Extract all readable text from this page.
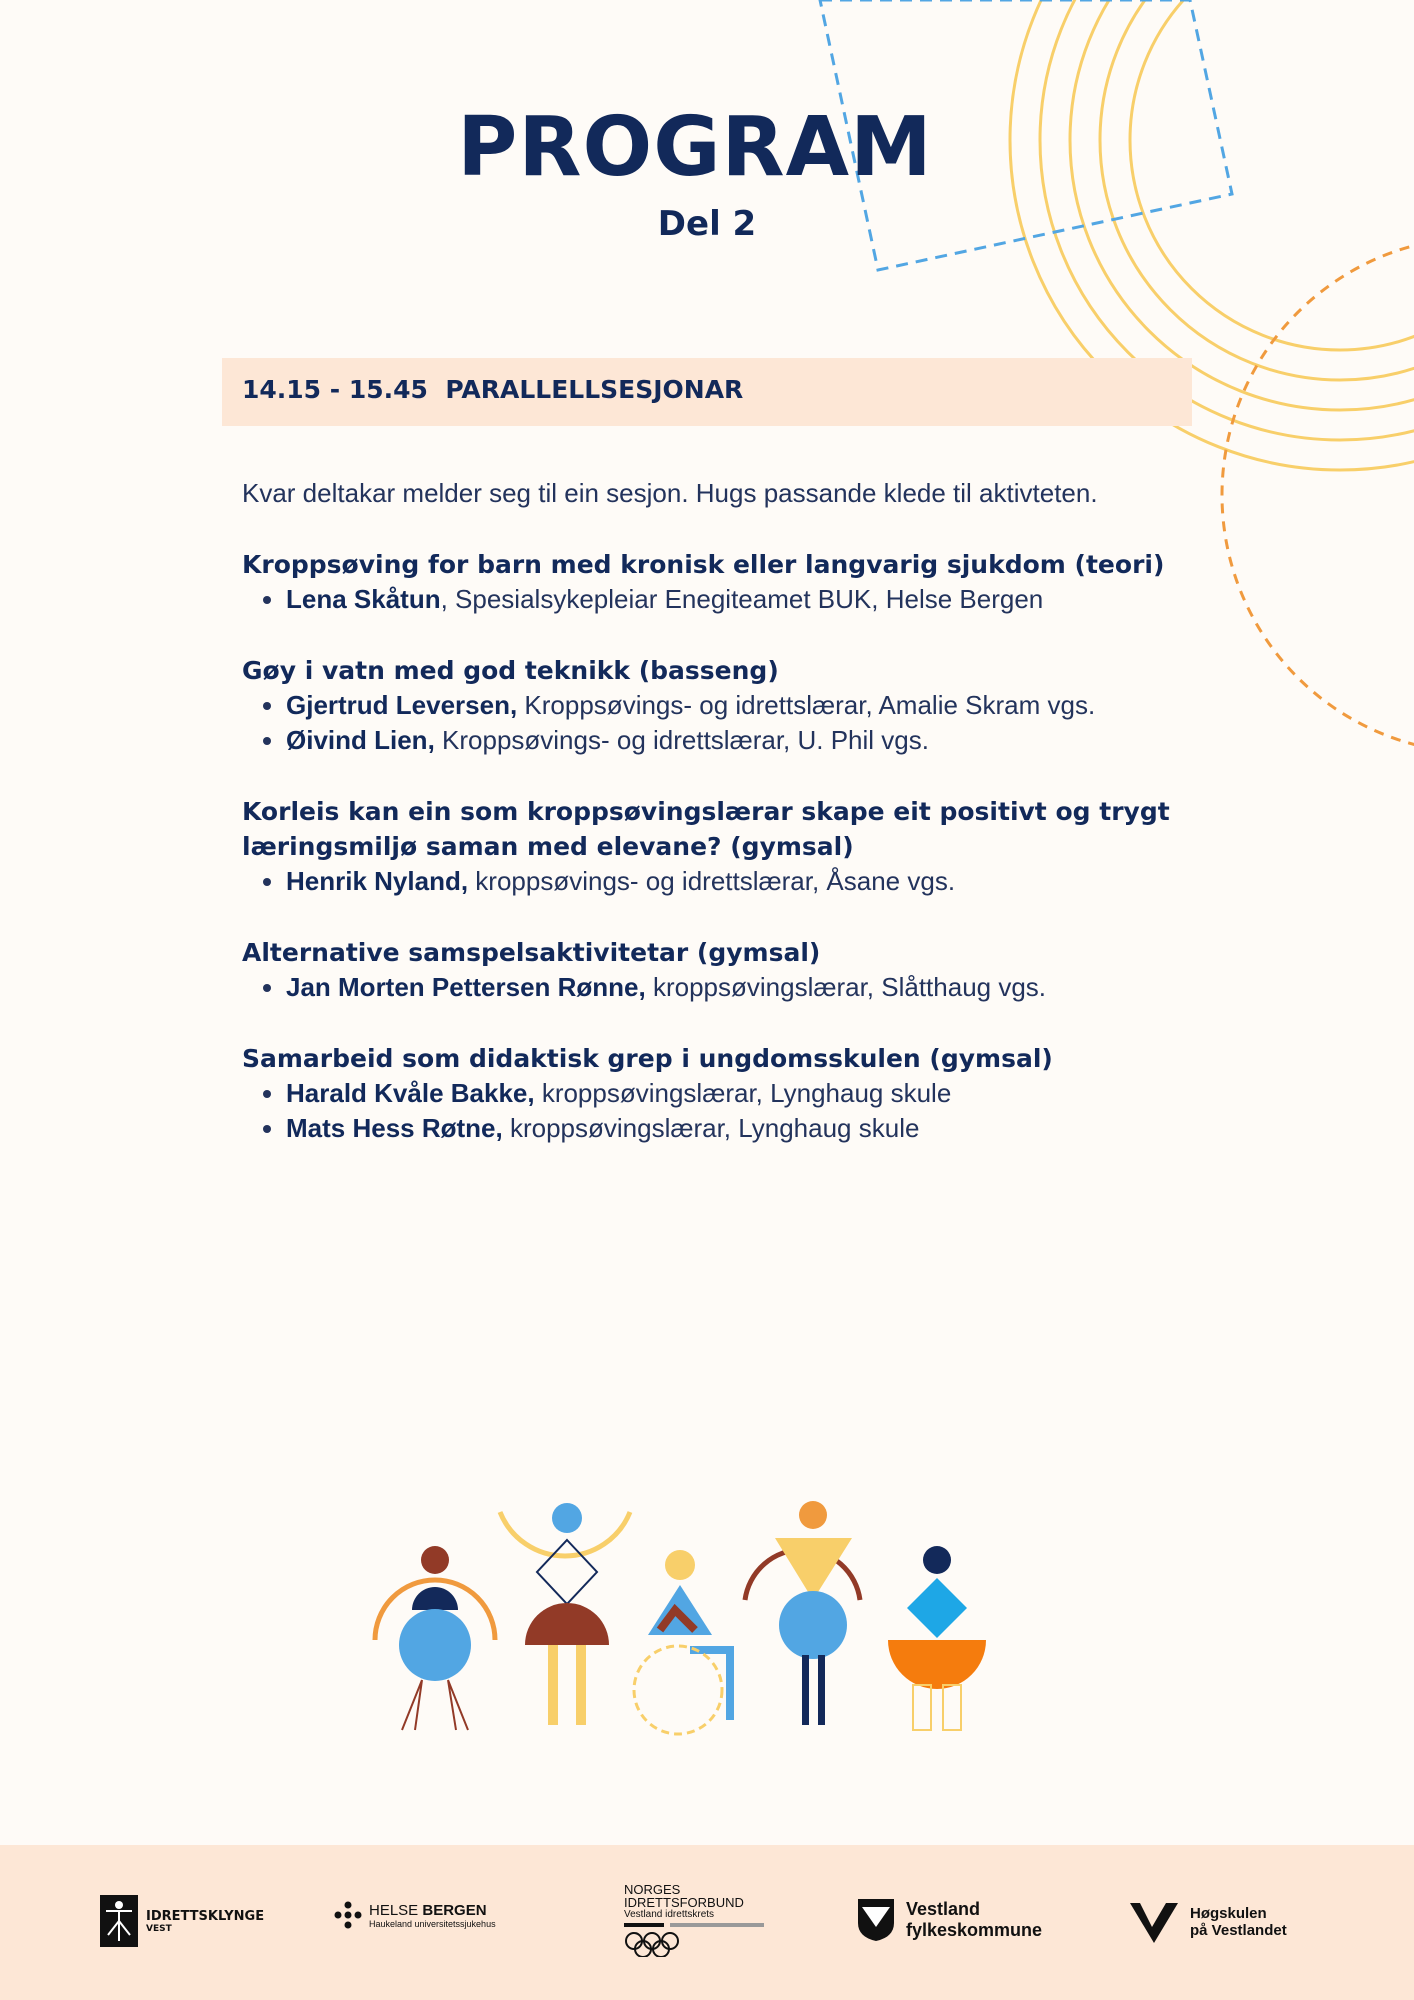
PROGRAM
Del 2
14.15 - 15.45 PARALLELLSESJONAR

Kvar deltakar melder seg til ein sesjon. Hugs passande klede til aktivteten.

Kroppsøving for barn med kronisk eller langvarig sjukdom (teori)
• Lena Skåtun, Spesialsykepleiar Enegiteamet BUK, Helse Bergen
Gøy i vatn med god teknikk (basseng)
• Gjertrud Leversen, Kroppsøvings- og idrettslærar, Amalie Skram vgs.
• Øivind Lien, Kroppsøvings- og idrettslærar, U. Phil vgs.
Korleis kan ein som kroppsøvingslærar skape eit positivt og trygt læringsmiljø saman med elevane? (gymsal)
• Henrik Nyland, kroppsøvings- og idrettslærar, Åsane vgs.
Alternative samspelsaktivitetar (gymsal)
• Jan Morten Pettersen Rønne, kroppsøvingslærar, Slåtthaug vgs.
Samarbeid som didaktisk grep i ungdomsskulen (gymsal)
• Harald Kvåle Bakke, kroppsøvingslærar, Lynghaug skule
• Mats Hess Røtne, kroppsøvingslærar, Lynghaug skule
IDRETTSKLYNGE
VEST
HELSE BERGEN
Haukeland universitetssjukehus
NORGES
IDRETTSFORBUND
Vestland idrettskrets	Vestland
fylkeskommune
Høgskulen
på Vestlandet
